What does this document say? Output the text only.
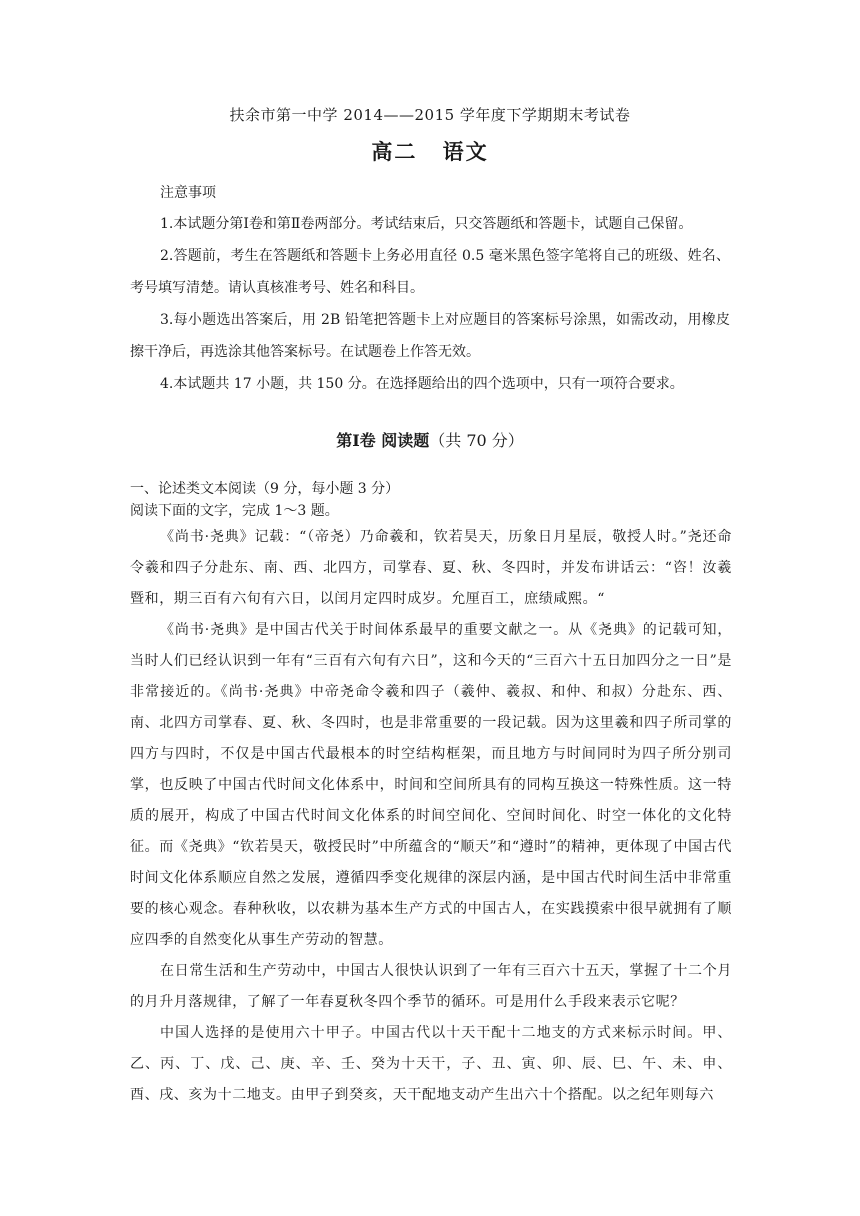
扶余市第一中学 2014——2015 学年度下学期期末考试卷
高二 语文
注意事项

1.本试题分第Ⅰ卷和第Ⅱ卷两部分。考试结束后，只交答题纸和答题卡，试题自己保留。

2.答题前，考生在答题纸和答题卡上务必用直径 0.5 毫米黑色签字笔将自己的班级、姓名、考号填写清楚。请认真核准考号、姓名和科目。

3.每小题选出答案后，用 2B 铅笔把答题卡上对应题目的答案标号涂黑，如需改动，用橡皮擦干净后，再选涂其他答案标号。在试题卷上作答无效。

4.本试题共 17 小题，共 150 分。在选择题给出的四个选项中，只有一项符合要求。

第Ⅰ卷 阅读题（共 70 分）
一、论述类文本阅读（9 分，每小题 3 分）
阅读下面的文字，完成 1～3 题。

《尚书·尧典》记载：“（帝尧）乃命羲和，钦若昊天，历象日月星辰，敬授人时。”尧还命令羲和四子分赴东、南、西、北四方，司掌春、夏、秋、冬四时，并发布讲话云：“咨！汝羲暨和，期三百有六旬有六日，以闰月定四时成岁。允厘百工，庶绩咸熙。“

《尚书·尧典》是中国古代关于时间体系最早的重要文献之一。从《尧典》的记载可知，当时人们已经认识到一年有“三百有六旬有六日”，这和今天的“三百六十五日加四分之一日”是非常接近的。《尚书·尧典》中帝尧命令羲和四子（羲仲、羲叔、和仲、和叔）分赴东、西、南、北四方司掌春、夏、秋、冬四时，也是非常重要的一段记载。因为这里羲和四子所司掌的四方与四时，不仅是中国古代最根本的时空结构框架，而且地方与时间同时为四子所分别司掌，也反映了中国古代时间文化体系中，时间和空间所具有的同构互换这一特殊性质。这一特质的展开，构成了中国古代时间文化体系的时间空间化、空间时间化、时空一体化的文化特征。而《尧典》“钦若昊天，敬授民时”中所蕴含的“顺天”和“遵时”的精神，更体现了中国古代时间文化体系顺应自然之发展，遵循四季变化规律的深层内涵，是中国古代时间生活中非常重要的核心观念。春种秋收，以农耕为基本生产方式的中国古人，在实践摸索中很早就拥有了顺应四季的自然变化从事生产劳动的智慧。

在日常生活和生产劳动中，中国古人很快认识到了一年有三百六十五天，掌握了十二个月的月升月落规律，了解了一年春夏秋冬四个季节的循环。可是用什么手段来表示它呢？

中国人选择的是使用六十甲子。中国古代以十天干配十二地支的方式来标示时间。甲、乙、丙、丁、戊、己、庚、辛、壬、癸为十天干，子、丑、寅、卯、辰、巳、午、未、申、酉、戌、亥为十二地支。由甲子到癸亥，天干配地支动产生出六十个搭配。以之纪年则每六
